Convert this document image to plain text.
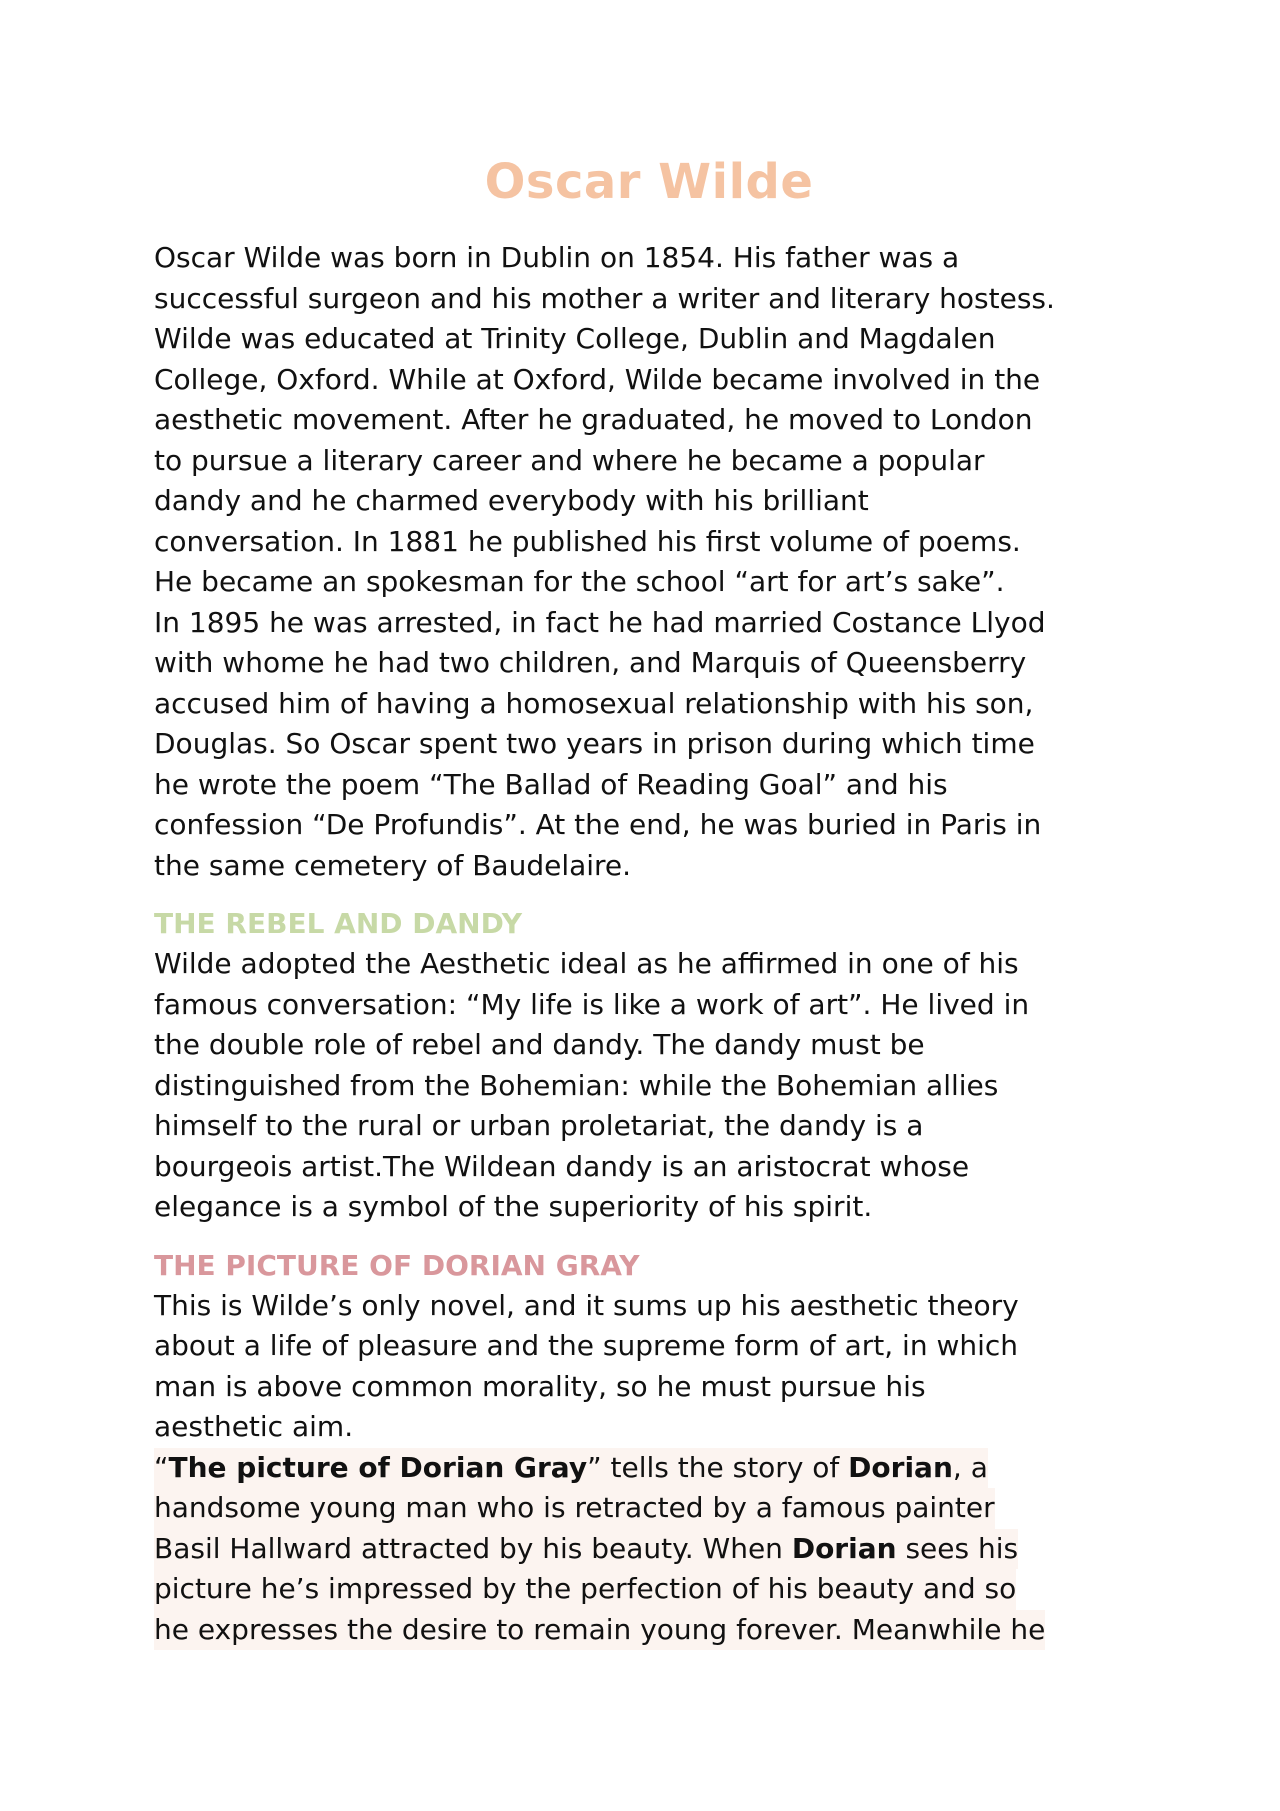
Oscar Wilde
Oscar Wilde was born in Dublin on 1854. His father was a
successful surgeon and his mother a writer and literary hostess.
Wilde was educated at Trinity College, Dublin and Magdalen
College, Oxford. While at Oxford, Wilde became involved in the
aesthetic movement. After he graduated, he moved to London
to pursue a literary career and where he became a popular
dandy and he charmed everybody with his brilliant
conversation. In 1881 he published his first volume of poems.
He became an spokesman for the school “art for art’s sake”.
In 1895 he was arrested, in fact he had married Costance Llyod
with whome he had two children, and Marquis of Queensberry
accused him of having a homosexual relationship with his son,
Douglas. So Oscar spent two years in prison during which time
he wrote the poem “The Ballad of Reading Goal” and his
confession “De Profundis”. At the end, he was buried in Paris in
the same cemetery of Baudelaire.
THE REBEL AND DANDY
Wilde adopted the Aesthetic ideal as he affirmed in one of his
famous conversation: “My life is like a work of art”. He lived in
the double role of rebel and dandy. The dandy must be
distinguished from the Bohemian: while the Bohemian allies
himself to the rural or urban proletariat, the dandy is a
bourgeois artist.The Wildean dandy is an aristocrat whose
elegance is a symbol of the superiority of his spirit.
THE PICTURE OF DORIAN GRAY
This is Wilde’s only novel, and it sums up his aesthetic theory
about a life of pleasure and the supreme form of art, in which
man is above common morality, so he must pursue his
aesthetic aim.
“The picture of Dorian Gray” tells the story of Dorian, a
handsome young man who is retracted by a famous painter
Basil Hallward attracted by his beauty. When Dorian sees his
picture he’s impressed by the perfection of his beauty and so
he expresses the desire to remain young forever. Meanwhile he
